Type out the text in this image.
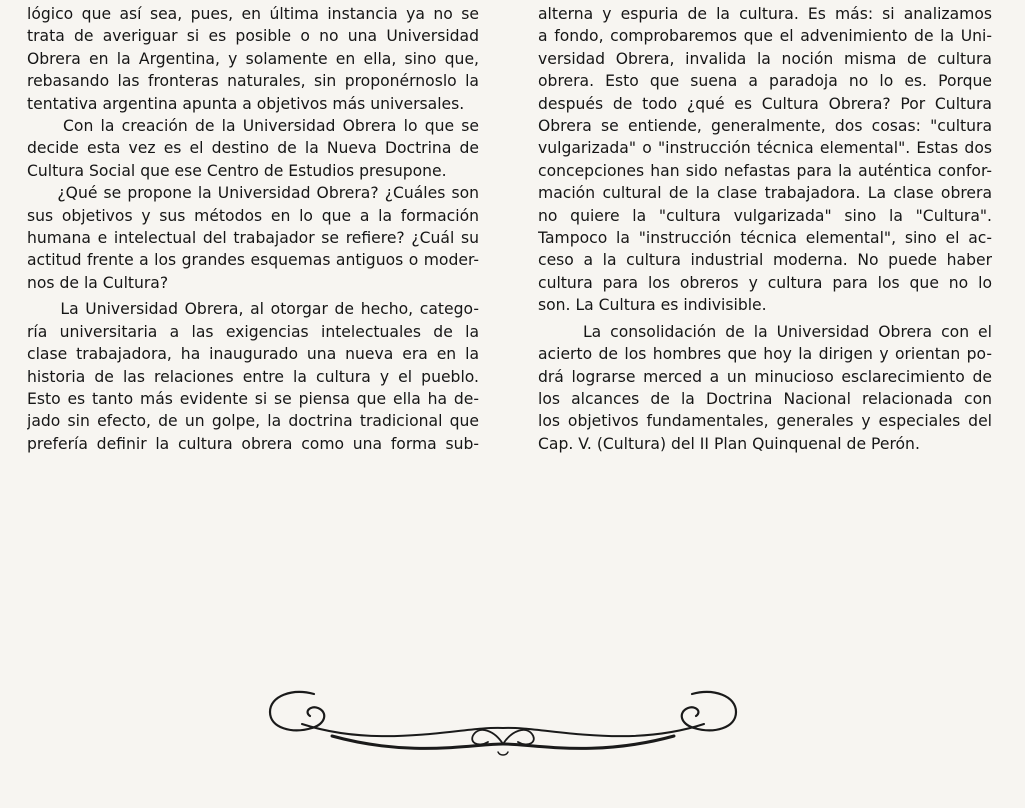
lógico que así sea, pues, en última instancia ya no se
trata de averiguar si es posible o no una Universidad
Obrera en la Argentina, y solamente en ella, sino que,
rebasando las fronteras naturales, sin proponérnoslo la
tentativa argentina apunta a objetivos más universales.
Con la creación de la Universidad Obrera lo que se
decide esta vez es el destino de la Nueva Doctrina de
Cultura Social que ese Centro de Estudios presupone.
¿Qué se propone la Universidad Obrera? ¿Cuáles son
sus objetivos y sus métodos en lo que a la formación
humana e intelectual del trabajador se refiere? ¿Cuál su
actitud frente a los grandes esquemas antiguos o moder-
nos de la Cultura?
La Universidad Obrera, al otorgar de hecho, catego-
ría universitaria a las exigencias intelectuales de la
clase trabajadora, ha inaugurado una nueva era en la
historia de las relaciones entre la cultura y el pueblo.
Esto es tanto más evidente si se piensa que ella ha de-
jado sin efecto, de un golpe, la doctrina tradicional que
prefería definir la cultura obrera como una forma sub-
alterna y espuria de la cultura. Es más: si analizamos
a fondo, comprobaremos que el advenimiento de la Uni-
versidad Obrera, invalida la noción misma de cultura
obrera. Esto que suena a paradoja no lo es. Porque
después de todo ¿qué es Cultura Obrera? Por Cultura
Obrera se entiende, generalmente, dos cosas: "cultura
vulgarizada" o "instrucción técnica elemental". Estas dos
concepciones han sido nefastas para la auténtica confor-
mación cultural de la clase trabajadora. La clase obrera
no quiere la "cultura vulgarizada" sino la "Cultura".
Tampoco la "instrucción técnica elemental", sino el ac-
ceso a la cultura industrial moderna. No puede haber
cultura para los obreros y cultura para los que no lo
son. La Cultura es indivisible.
La consolidación de la Universidad Obrera con el
acierto de los hombres que hoy la dirigen y orientan po-
drá lograrse merced a un minucioso esclarecimiento de
los alcances de la Doctrina Nacional relacionada con
los objetivos fundamentales, generales y especiales del
Cap. V. (Cultura) del II Plan Quinquenal de Perón.
